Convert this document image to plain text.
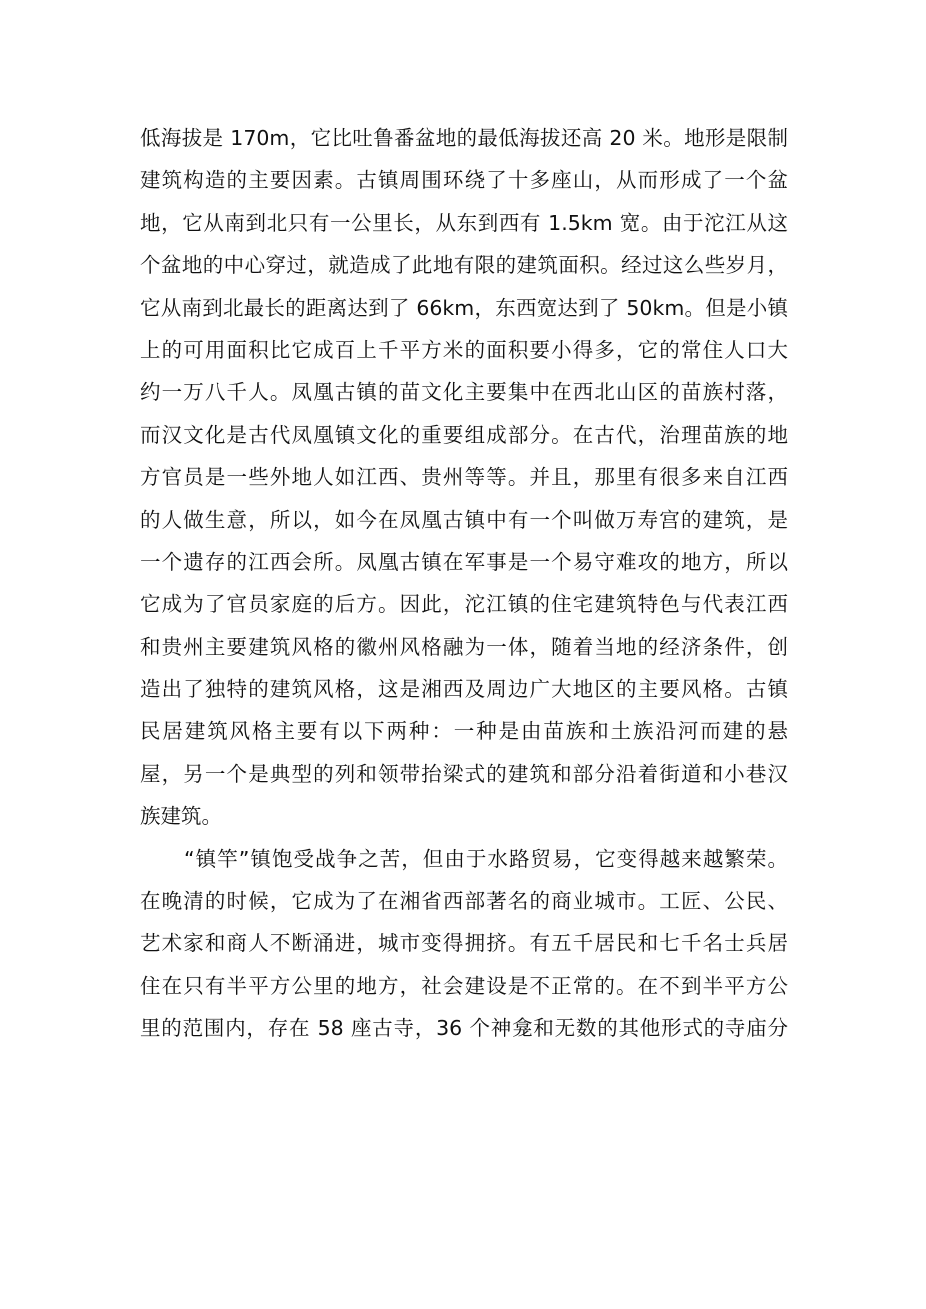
低海拔是 170m，它比吐鲁番盆地的最低海拔还高 20 米。地形是限制
建筑构造的主要因素。古镇周围环绕了十多座山，从而形成了一个盆
地，它从南到北只有一公里长，从东到西有 1.5km 宽。由于沱江从这
个盆地的中心穿过，就造成了此地有限的建筑面积。经过这么些岁月，
它从南到北最长的距离达到了 66km，东西宽达到了 50km。但是小镇
上的可用面积比它成百上千平方米的面积要小得多，它的常住人口大
约一万八千人。凤凰古镇的苗文化主要集中在西北山区的苗族村落，
而汉文化是古代凤凰镇文化的重要组成部分。在古代，治理苗族的地
方官员是一些外地人如江西、贵州等等。并且，那里有很多来自江西
的人做生意，所以，如今在凤凰古镇中有一个叫做万寿宫的建筑，是
一个遗存的江西会所。凤凰古镇在军事是一个易守难攻的地方，所以
它成为了官员家庭的后方。因此，沱江镇的住宅建筑特色与代表江西
和贵州主要建筑风格的徽州风格融为一体，随着当地的经济条件，创
造出了独特的建筑风格，这是湘西及周边广大地区的主要风格。古镇
民居建筑风格主要有以下两种：一种是由苗族和土族沿河而建的悬
屋，另一个是典型的列和领带抬梁式的建筑和部分沿着街道和小巷汉
族建筑。
“镇竿”镇饱受战争之苦，但由于水路贸易，它变得越来越繁荣。
在晚清的时候，它成为了在湘省西部著名的商业城市。工匠、公民、
艺术家和商人不断涌进，城市变得拥挤。有五千居民和七千名士兵居
住在只有半平方公里的地方，社会建设是不正常的。在不到半平方公
里的范围内，存在 58 座古寺，36 个神龛和无数的其他形式的寺庙分
